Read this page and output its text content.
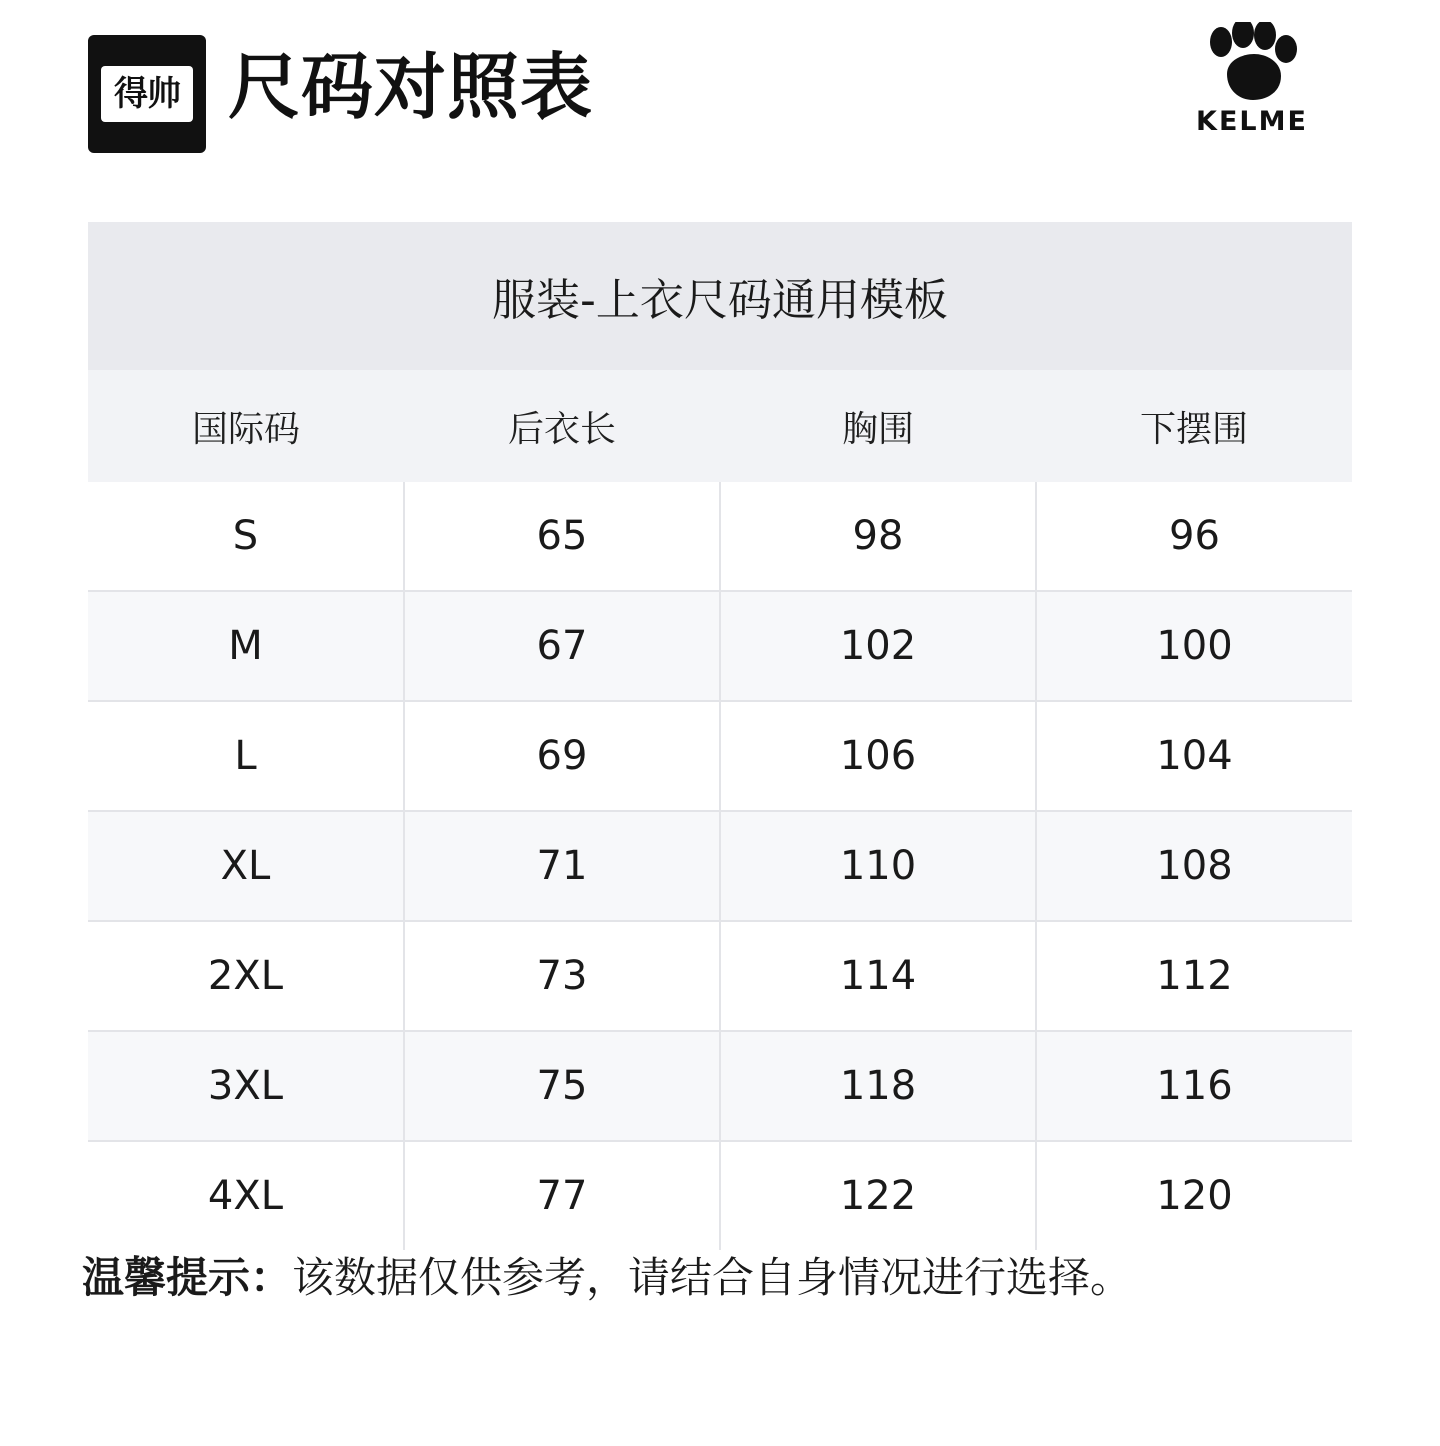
得帅 尺码对照表	KELME
服装-上衣尺码通用模板
国际码	后衣长	胸围	下摆围
S	65	98	96
M	67	102	100
L	69	106	104
XL	71	110	108
2XL	73	114	112
3XL	75	118	116
4XL	77	122	120
温馨提示：该数据仅供参考，请结合自身情况进行选择。
